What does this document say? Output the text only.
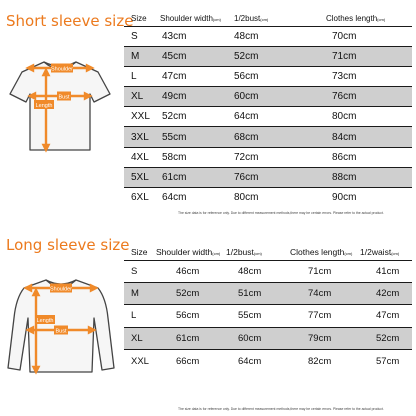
Short sleeve size
Shoulder
Bust
Length
Size	Shoulder width(cm)	1/2bust(cm)	Clothes length(cm)
S	43cm	48cm	70cm
M	45cm	52cm	71cm
L	47cm	56cm	73cm
XL	49cm	60cm	76cm
XXL	52cm	64cm	80cm
3XL	55cm	68cm	84cm
4XL	58cm	72cm	86cm
5XL	61cm	76cm	88cm
6XL	64cm	80cm	90cm
The size data is for reference only. Due to different measurement methods,there may be certain errors. Please refer to the actual product.
Long sleeve size
Shoulder
Length
Bust
Size	Shoulder width(cm)	1/2bust(cm)	Clothes length(cm)	1/2waist(cm)
S	46cm	48cm	71cm	41cm
M	52cm	51cm	74cm	42cm
L	56cm	55cm	77cm	47cm
XL	61cm	60cm	79cm	52cm
XXL	66cm	64cm	82cm	57cm
The size data is for reference only. Due to different measurement methods,there may be certain errors. Please refer to the actual product.
